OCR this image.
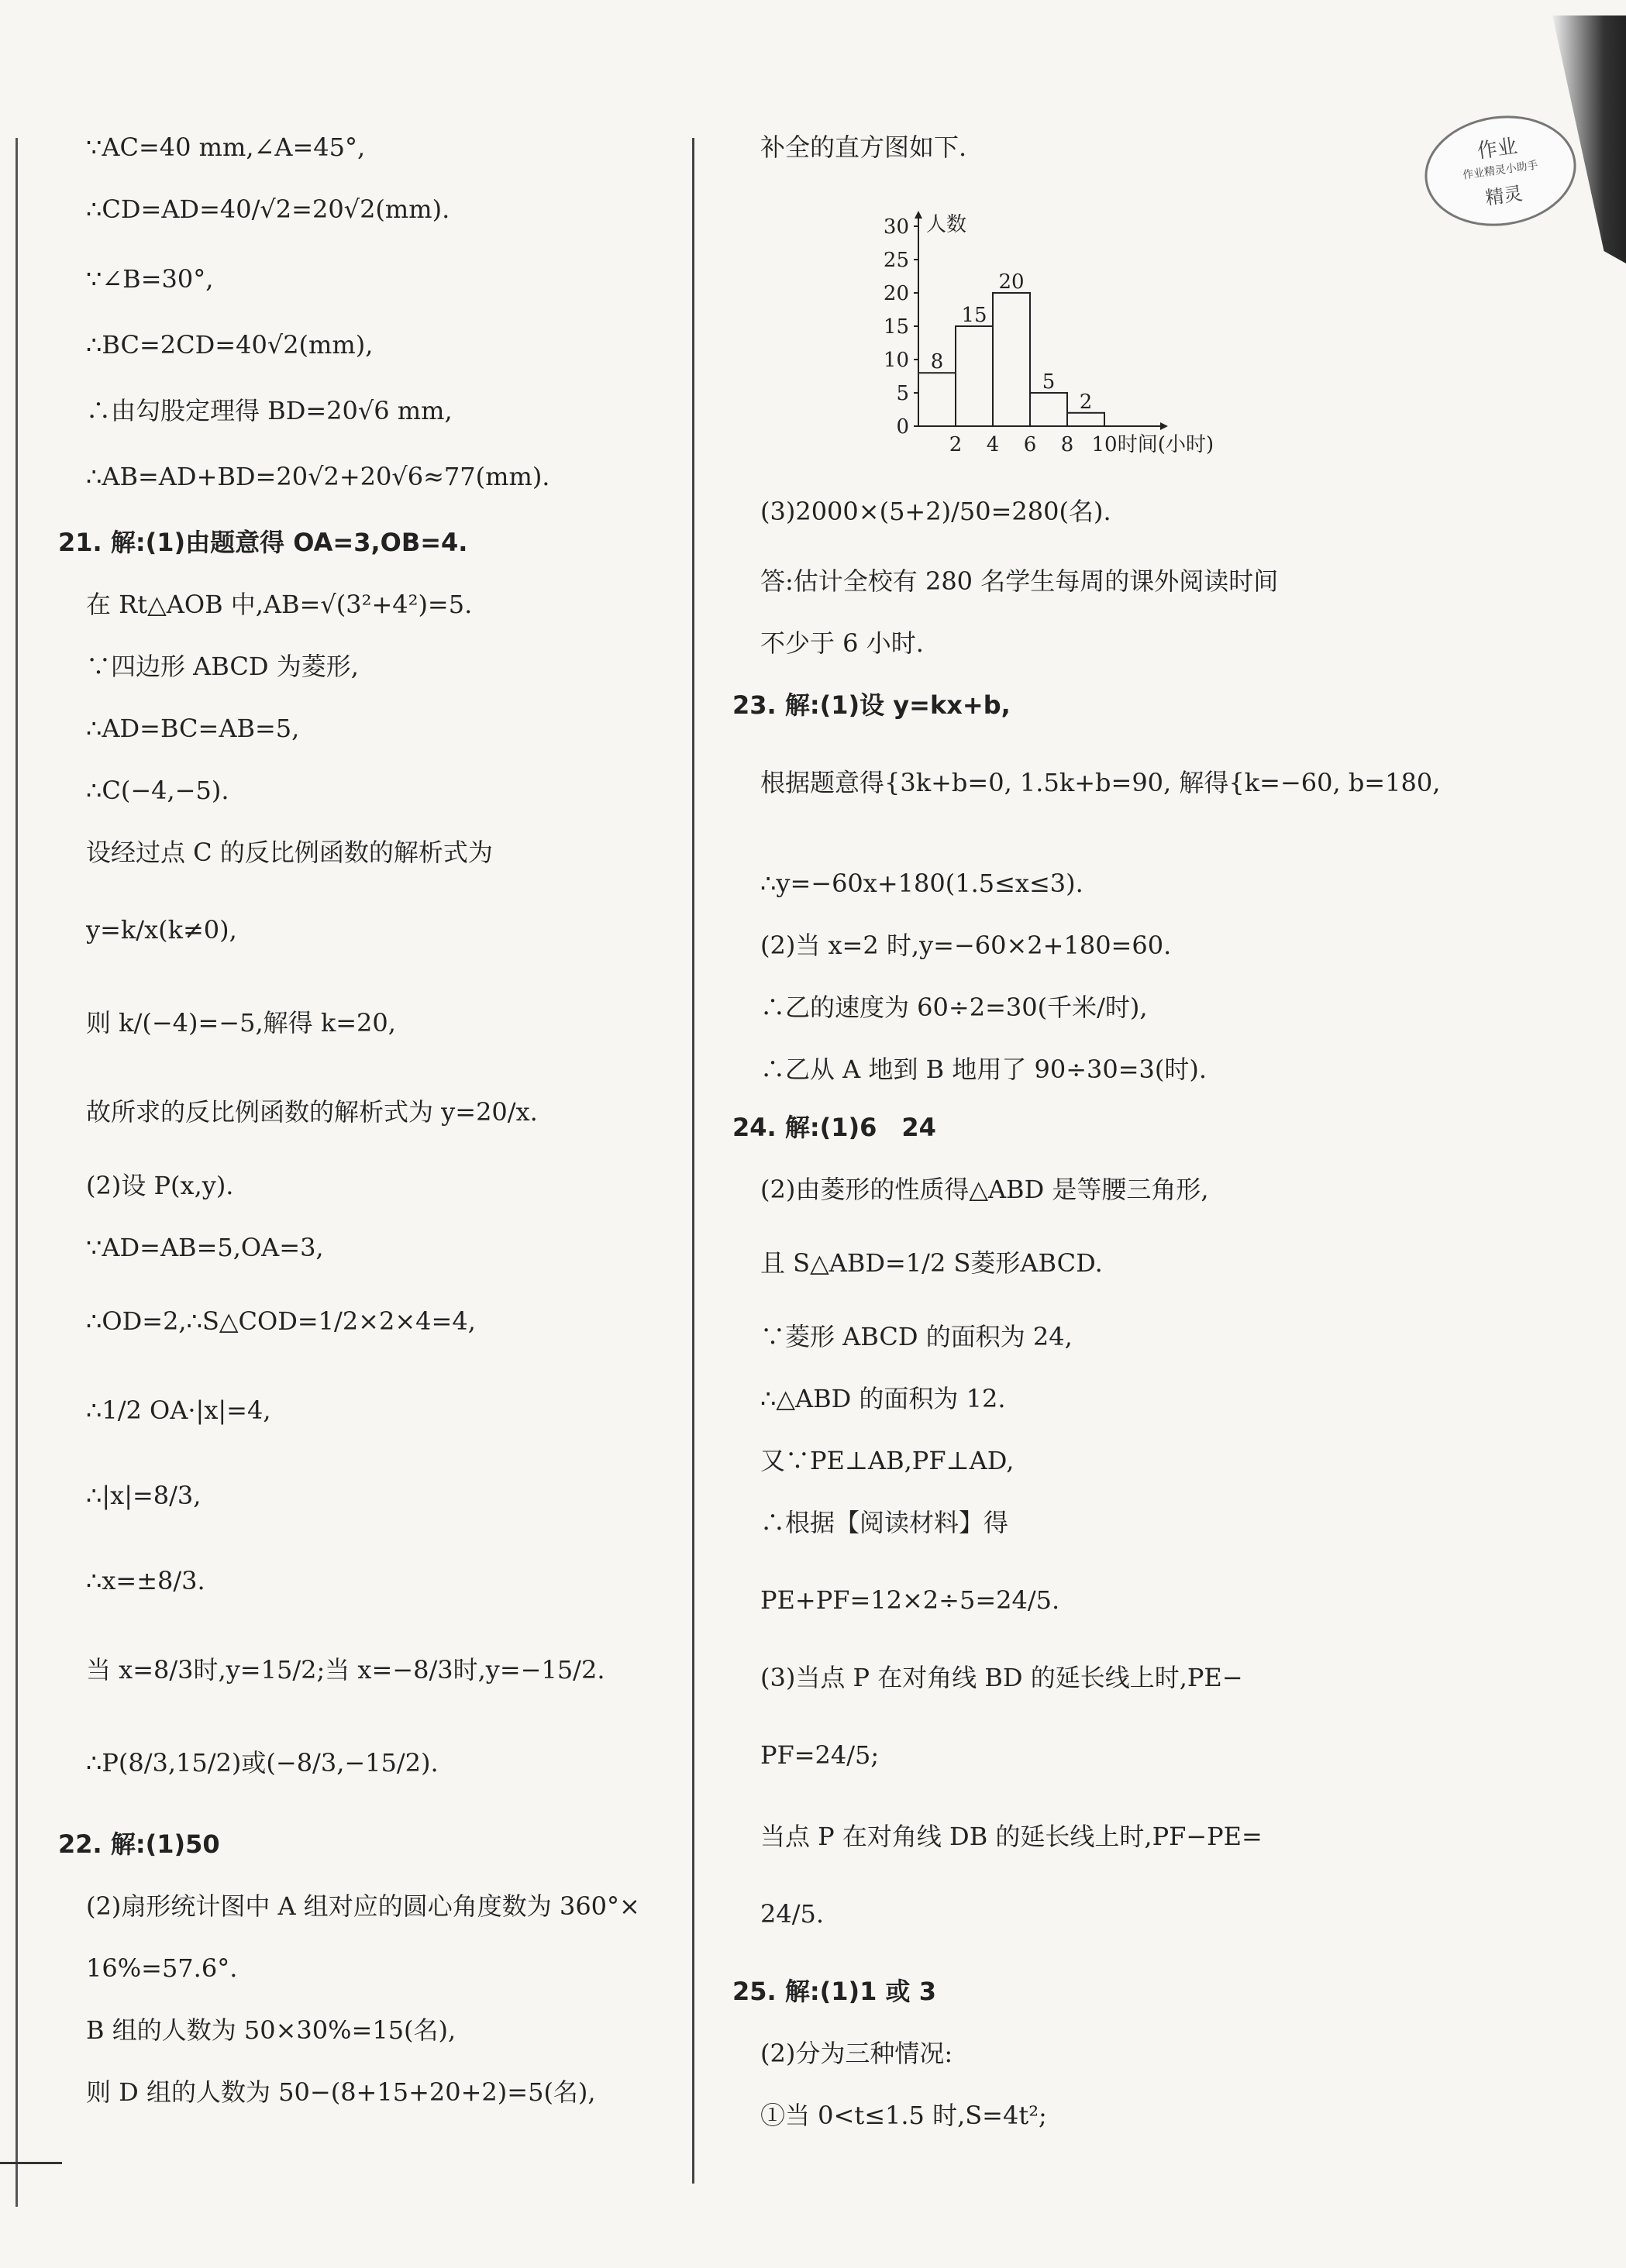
作业
作业精灵小助手
精灵
∵AC=40 mm,∠A=45°,
∴CD=AD=40/√2=20√2(mm).
∵∠B=30°,
∴BC=2CD=40√2(mm),
∴由勾股定理得 BD=20√6 mm,
∴AB=AD+BD=20√2+20√6≈77(mm).
21. 解:(1)由题意得 OA=3,OB=4.
在 Rt△AOB 中,AB=√(3²+4²)=5.
∵四边形 ABCD 为菱形,
∴AD=BC=AB=5,
∴C(−4,−5).
设经过点 C 的反比例函数的解析式为
y=k/x(k≠0),
则 k/(−4)=−5,解得 k=20,
故所求的反比例函数的解析式为 y=20/x.
(2)设 P(x,y).
∵AD=AB=5,OA=3,
∴OD=2,∴S△COD=1/2×2×4=4,
∴1/2 OA·|x|=4,
∴|x|=8/3,
∴x=±8/3.
当 x=8/3时,y=15/2;当 x=−8/3时,y=−15/2.
∴P(8/3,15/2)或(−8/3,−15/2).
22. 解:(1)50
(2)扇形统计图中 A 组对应的圆心角度数为 360°×
16%=57.6°.
B 组的人数为 50×30%=15(名),
则 D 组的人数为 50−(8+15+20+2)=5(名),
补全的直方图如下.
(3)2000×(5+2)/50=280(名).
答:估计全校有 280 名学生每周的课外阅读时间
不少于 6 小时.
23. 解:(1)设 y=kx+b,
根据题意得{3k+b=0, 1.5k+b=90, 解得{k=−60, b=180,
∴y=−60x+180(1.5≤x≤3).
(2)当 x=2 时,y=−60×2+180=60.
∴乙的速度为 60÷2=30(千米/时),
∴乙从 A 地到 B 地用了 90÷30=3(时).
24. 解:(1)6　24
(2)由菱形的性质得△ABD 是等腰三角形,
且 S△ABD=1/2 S菱形ABCD.
∵菱形 ABCD 的面积为 24,
∴△ABD 的面积为 12.
又∵PE⊥AB,PF⊥AD,
∴根据【阅读材料】得
PE+PF=12×2÷5=24/5.
(3)当点 P 在对角线 BD 的延长线上时,PE−
PF=24/5;
当点 P 在对角线 DB 的延长线上时,PF−PE=
24/5.
25. 解:(1)1 或 3
(2)分为三种情况:
①当 0<t≤1.5 时,S=4t²;
人数
时间(小时)
8
15
20
5
2
0
5
10
15
20
25
30
2 4 6 8 10
